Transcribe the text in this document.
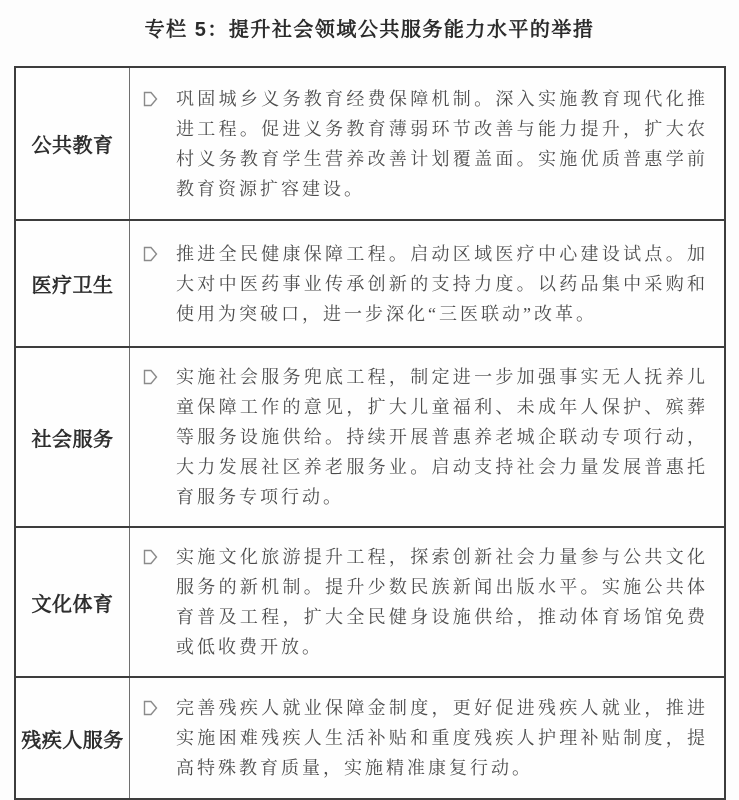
专栏 5：提升社会领域公共服务能力水平的举措
公共教育

巩固城乡义务教育经费保障机制。深入实施教育现代化推进工程。促进义务教育薄弱环节改善与能力提升，扩大农村义务教育学生营养改善计划覆盖面。实施优质普惠学前教育资源扩容建设。

医疗卫生

推进全民健康保障工程。启动区域医疗中心建设试点。加大对中医药事业传承创新的支持力度。以药品集中采购和使用为突破口，进一步深化“三医联动”改革。

社会服务

实施社会服务兜底工程，制定进一步加强事实无人抚养儿童保障工作的意见，扩大儿童福利、未成年人保护、殡葬等服务设施供给。持续开展普惠养老城企联动专项行动，大力发展社区养老服务业。启动支持社会力量发展普惠托育服务专项行动。

文化体育

实施文化旅游提升工程，探索创新社会力量参与公共文化服务的新机制。提升少数民族新闻出版水平。实施公共体育普及工程，扩大全民健身设施供给，推动体育场馆免费或低收费开放。

残疾人服务

完善残疾人就业保障金制度，更好促进残疾人就业，推进实施困难残疾人生活补贴和重度残疾人护理补贴制度，提高特殊教育质量，实施精准康复行动。
